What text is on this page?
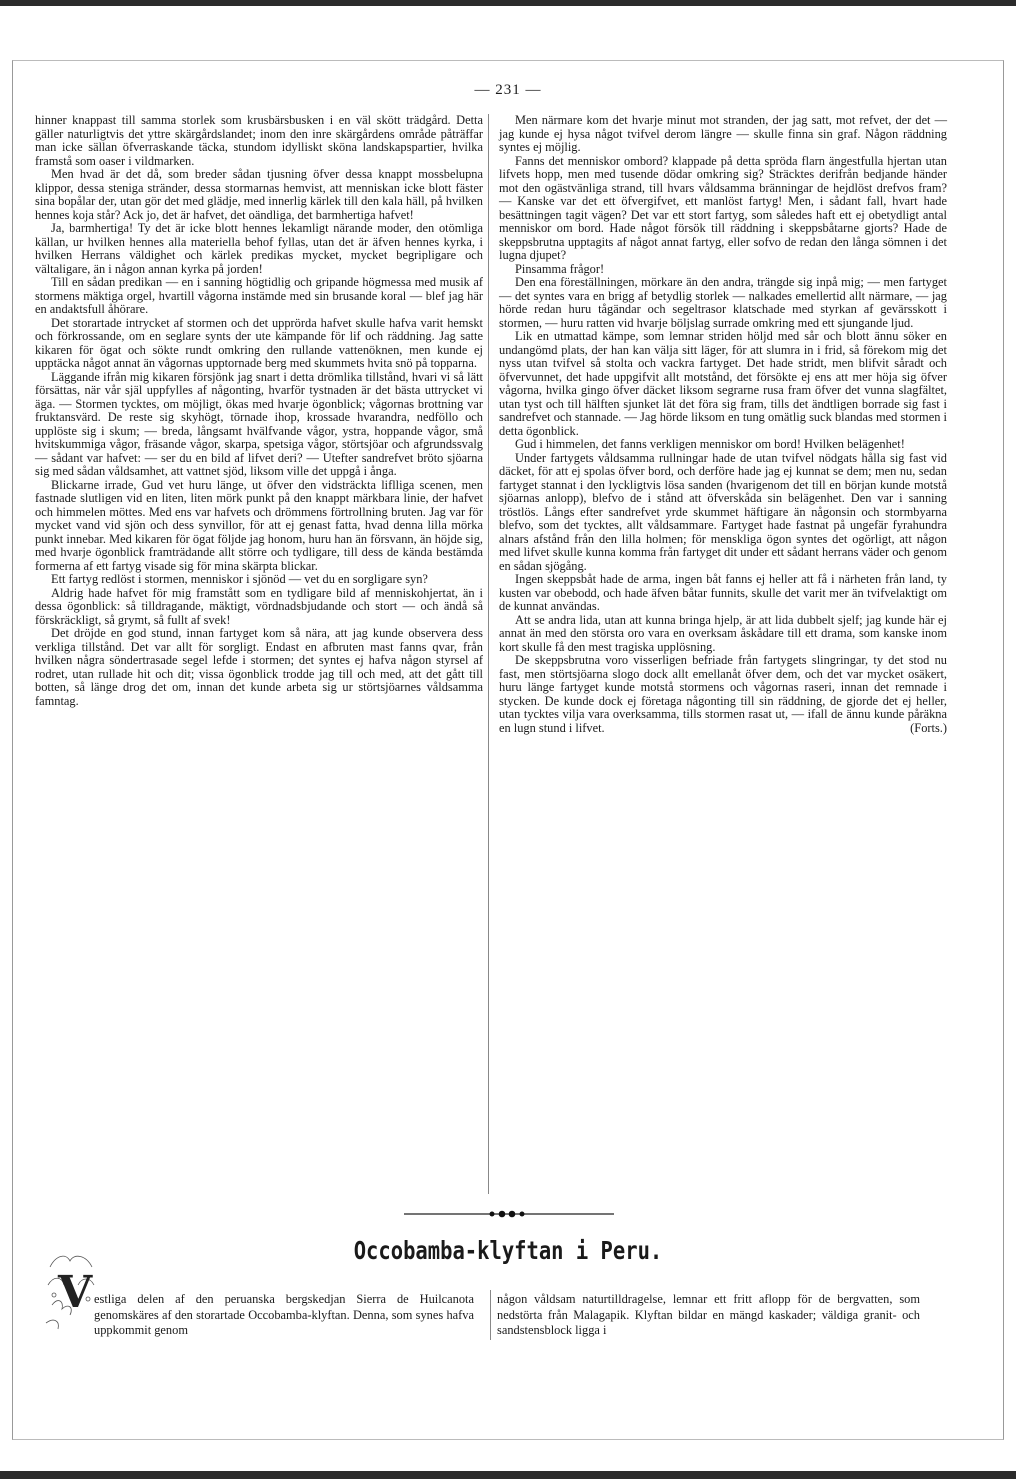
— 231 —

hinner knappast till samma storlek som krusbärsbusken i en väl skött trädgård. Detta gäller naturligtvis det yttre skärgårdslandet; inom den inre skärgårdens område påträffar man icke sällan öfverraskande täcka, stundom idylliskt sköna landskapspartier, hvilka framstå som oaser i vildmarken.

Men hvad är det då, som breder sådan tjusning öfver dessa knappt mossbelupna klippor, dessa steniga stränder, dessa stormarnas hemvist, att menniskan icke blott fäster sina bopålar der, utan gör det med glädje, med innerlig kärlek till den kala häll, på hvilken hennes koja står? Ack jo, det är hafvet, det oändliga, det barmhertiga hafvet!

Ja, barmhertiga! Ty det är icke blott hennes lekamligt närande moder, den otömliga källan, ur hvilken hennes alla materiella behof fyllas, utan det är äfven hennes kyrka, i hvilken Herrans väldighet och kärlek predikas mycket, mycket begripligare och vältaligare, än i någon annan kyrka på jorden!

Till en sådan predikan — en i sanning högtidlig och gripande högmessa med musik af stormens mäktiga orgel, hvartill vågorna instämde med sin brusande koral — blef jag här en andaktsfull åhörare.

Det storartade intrycket af stormen och det upprörda hafvet skulle hafva varit hemskt och förkrossande, om en seglare synts der ute kämpande för lif och räddning. Jag satte kikaren för ögat och sökte rundt omkring den rullande vattenöknen, men kunde ej upptäcka något annat än vågornas upptornade berg med skummets hvita snö på topparna.

Läggande ifrån mig kikaren försjönk jag snart i detta drömlika tillstånd, hvari vi så lätt försättas, när vår själ uppfylles af någonting, hvarför tystnaden är det bästa uttrycket vi äga. — Stormen tycktes, om möjligt, ökas med hvarje ögonblick; vågornas brottning var fruktansvärd. De reste sig skyhögt, törnade ihop, krossade hvarandra, nedföllo och upplöste sig i skum; — breda, långsamt hvälfvande vågor, ystra, hoppande vågor, små hvitskummiga vågor, fräsande vågor, skarpa, spetsiga vågor, störtsjöar och afgrundssvalg — sådant var hafvet: — ser du en bild af lifvet deri? — Utefter sandrefvet bröto sjöarna sig med sådan våldsamhet, att vattnet sjöd, liksom ville det uppgå i ånga.

Blickarne irrade, Gud vet huru länge, ut öfver den vidsträckta liflliga scenen, men fastnade slutligen vid en liten, liten mörk punkt på den knappt märkbara linie, der hafvet och himmelen möttes. Med ens var hafvets och drömmens förtrollning bruten. Jag var för mycket vand vid sjön och dess synvillor, för att ej genast fatta, hvad denna lilla mörka punkt innebar. Med kikaren för ögat följde jag honom, huru han än försvann, än höjde sig, med hvarje ögonblick framträdande allt större och tydligare, till dess de kända bestämda formerna af ett fartyg visade sig för mina skärpta blickar.

Ett fartyg redlöst i stormen, menniskor i sjönöd — vet du en sorgligare syn?

Aldrig hade hafvet för mig framstått som en tydligare bild af menniskohjertat, än i dessa ögonblick: så tilldragande, mäktigt, vördnadsbjudande och stort — och ändå så förskräckligt, så grymt, så fullt af svek!

Det dröjde en god stund, innan fartyget kom så nära, att jag kunde observera dess verkliga tillstånd. Det var allt för sorgligt. Endast en afbruten mast fanns qvar, från hvilken några söndertrasade segel lefde i stormen; det syntes ej hafva någon styrsel af rodret, utan rullade hit och dit; vissa ögonblick trodde jag till och med, att det gått till botten, så länge drog det om, innan det kunde arbeta sig ur störtsjöarnes våldsamma famntag.

Men närmare kom det hvarje minut mot stranden, der jag satt, mot refvet, der det — jag kunde ej hysa något tvifvel derom längre — skulle finna sin graf. Någon räddning syntes ej möjlig.

Fanns det menniskor ombord? klappade på detta spröda flarn ängestfulla hjertan utan lifvets hopp, men med tusende dödar omkring sig? Sträcktes derifrån bedjande händer mot den ogästvänliga strand, till hvars våldsamma bränningar de hejdlöst drefvos fram? — Kanske var det ett öfvergifvet, ett manlöst fartyg! Men, i sådant fall, hvart hade besättningen tagit vägen? Det var ett stort fartyg, som således haft ett ej obetydligt antal menniskor om bord. Hade något försök till räddning i skeppsbåtarne gjorts? Hade de skeppsbrutna upptagits af något annat fartyg, eller sofvo de redan den långa sömnen i det lugna djupet?

Pinsamma frågor!

Den ena föreställningen, mörkare än den andra, trängde sig inpå mig; — men fartyget — det syntes vara en brigg af betydlig storlek — nalkades emellertid allt närmare, — jag hörde redan huru tågändar och segeltrasor klatschade med styrkan af gevärsskott i stormen, — huru ratten vid hvarje böljslag surrade omkring med ett sjungande ljud.

Lik en utmattad kämpe, som lemnar striden höljd med sår och blott ännu söker en undangömd plats, der han kan välja sitt läger, för att slumra in i frid, så förekom mig det nyss utan tvifvel så stolta och vackra fartyget. Det hade stridt, men blifvit såradt och öfvervunnet, det hade uppgifvit allt motstånd, det försökte ej ens att mer höja sig öfver vågorna, hvilka gingo öfver däcket liksom segrarne rusa fram öfver det vunna slagfältet, utan tyst och till hälften sjunket lät det föra sig fram, tills det ändtligen borrade sig fast i sandrefvet och stannade. — Jag hörde liksom en tung omätlig suck blandas med stormen i detta ögonblick.

Gud i himmelen, det fanns verkligen menniskor om bord! Hvilken belägenhet!

Under fartygets våldsamma rullningar hade de utan tvifvel nödgats hålla sig fast vid däcket, för att ej spolas öfver bord, och derföre hade jag ej kunnat se dem; men nu, sedan fartyget stannat i den lyckligtvis lösa sanden (hvarigenom det till en början kunde motstå sjöarnas anlopp), blefvo de i stånd att öfverskåda sin belägenhet. Den var i sanning tröstlös. Långs efter sandrefvet yrde skummet häftigare än någonsin och stormbyarna blefvo, som det tycktes, allt våldsammare. Fartyget hade fastnat på ungefär fyrahundra alnars afstånd från den lilla holmen; för menskliga ögon syntes det ogörligt, att någon med lifvet skulle kunna komma från fartyget dit under ett sådant herrans väder och genom en sådan sjögång.

Ingen skeppsbåt hade de arma, ingen båt fanns ej heller att få i närheten från land, ty kusten var obebodd, och hade äfven båtar funnits, skulle det varit mer än tvifvelaktigt om de kunnat användas.

Att se andra lida, utan att kunna bringa hjelp, är att lida dubbelt sjelf; jag kunde här ej annat än med den största oro vara en overksam åskådare till ett drama, som kanske inom kort skulle få den mest tragiska upplösning.

De skeppsbrutna voro visserligen befriade från fartygets slingringar, ty det stod nu fast, men störtsjöarna slogo dock allt emellanåt öfver dem, och det var mycket osäkert, huru länge fartyget kunde motstå stormens och vågornas raseri, innan det remnade i stycken. De kunde dock ej företaga någonting till sin räddning, de gjorde det ej heller, utan tycktes vilja vara overksamma, tills stormen rasat ut, — ifall de ännu kunde påräkna en lugn stund i lifvet.	(Forts.)

Occobamba-klyftan i Peru.
V estliga delen af den peruanska bergskedjan Sierra de Huilcanota genomskäres af den storartade Occobamba-klyftan. Denna, som synes hafva uppkommit genom

någon våldsam naturtilldragelse, lemnar ett fritt aflopp för de bergvatten, som nedstörta från Malagapik. Klyftan bildar en mängd kaskader; väldiga granit- och sandstensblock ligga i
